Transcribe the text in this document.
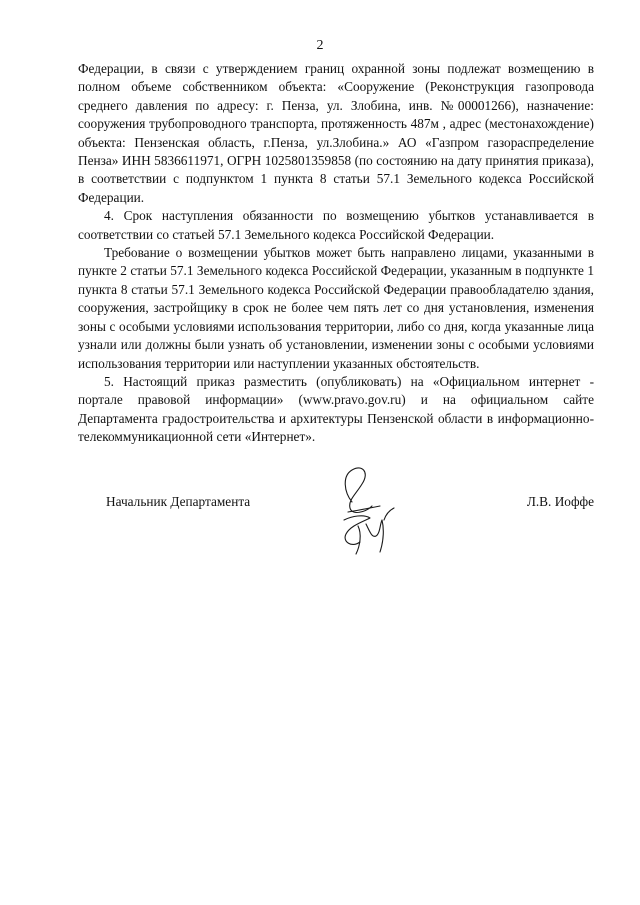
2

Федерации, в связи с утверждением границ охранной зоны подлежат возмещению в полном объеме собственником объекта: «Сооружение (Реконструкция газопровода среднего давления по адресу: г. Пенза, ул. Злобина, инв. №00001266), назначение: сооружения трубопроводного транспорта, протяженность 487м , адрес (местонахождение) объекта: Пензенская область, г.Пенза, ул.Злобина.» АО «Газпром газораспределение Пенза» ИНН 5836611971, ОГРН 1025801359858 (по состоянию на дату принятия приказа), в соответствии с подпунктом 1 пункта 8 статьи 57.1 Земельного кодекса Российской Федерации.

4. Срок наступления обязанности по возмещению убытков устанавливается в соответствии со статьей 57.1 Земельного кодекса Российской Федерации.

Требование о возмещении убытков может быть направлено лицами, указанными в пункте 2 статьи 57.1 Земельного кодекса Российской Федерации, указанным в подпункте 1 пункта 8 статьи 57.1 Земельного кодекса Российской Федерации правообладателю здания, сооружения, застройщику в срок не более чем пять лет со дня установления, изменения зоны с особыми условиями использования территории, либо со дня, когда указанные лица узнали или должны были узнать об установлении, изменении зоны с особыми условиями использования территории или наступлении указанных обстоятельств.

5. Настоящий приказ разместить (опубликовать) на «Официальном интернет - портале правовой информации» (www.pravo.gov.ru) и на официальном сайте Департамента градостроительства и архитектуры Пензенской области в информационно-телекоммуникационной сети «Интернет».

Начальник Департамента	Л.В. Иоффе
